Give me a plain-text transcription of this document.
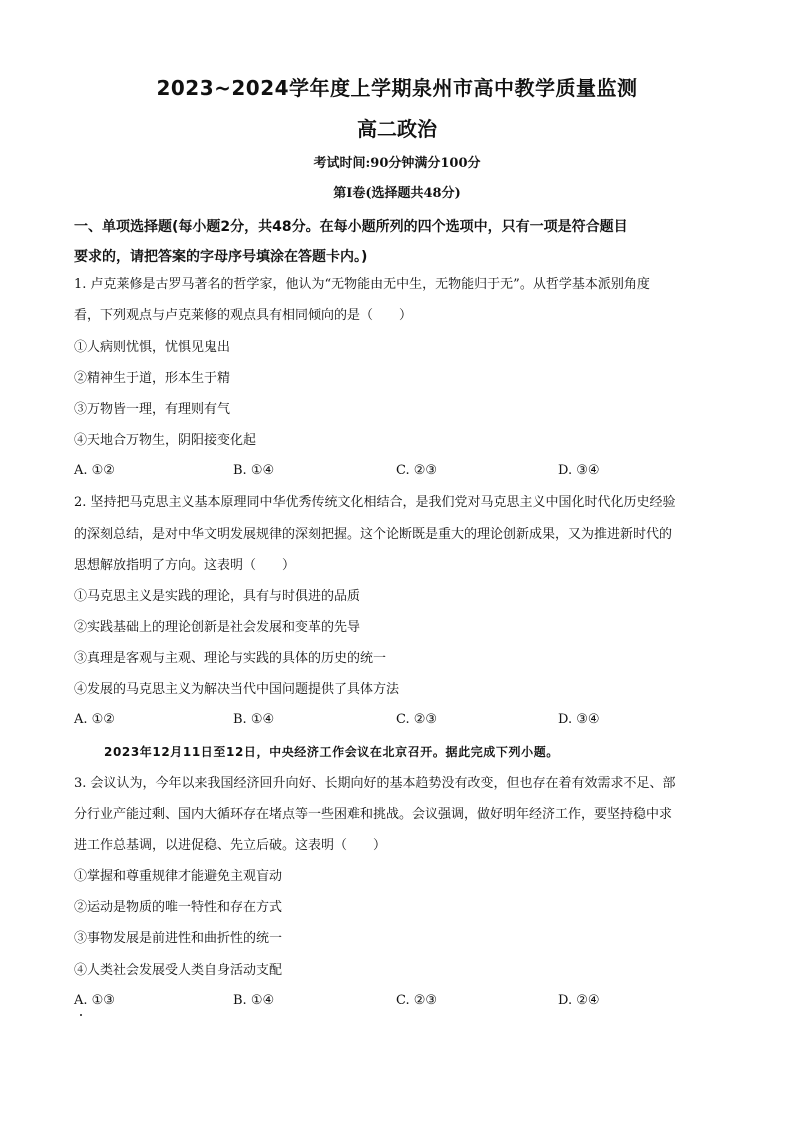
2023~2024学年度上学期泉州市高中教学质量监测
高二政治
考试时间:90分钟满分100分
第Ⅰ卷(选择题共48分)
一、单项选择题(每小题2分，共48分。在每小题所列的四个选项中，只有一项是符合题目
要求的，请把答案的字母序号填涂在答题卡内。)
1. 卢克莱修是古罗马著名的哲学家，他认为“无物能由无中生，无物能归于无”。从哲学基本派别角度
看，下列观点与卢克莱修的观点具有相同倾向的是（　　）
①人病则忧惧，忧惧见鬼出
②精神生于道，形本生于精
③万物皆一理，有理则有气
④天地合万物生，阴阳接变化起
A. ①②	B. ①④	C. ②③	D. ③④
2. 坚持把马克思主义基本原理同中华优秀传统文化相结合，是我们党对马克思主义中国化时代化历史经验
的深刻总结，是对中华文明发展规律的深刻把握。这个论断既是重大的理论创新成果，又为推进新时代的
思想解放指明了方向。这表明（　　）
①马克思主义是实践的理论，具有与时俱进的品质
②实践基础上的理论创新是社会发展和变革的先导
③真理是客观与主观、理论与实践的具体的历史的统一
④发展的马克思主义为解决当代中国问题提供了具体方法
A. ①②	B. ①④	C. ②③	D. ③④
2023年12月11日至12日，中央经济工作会议在北京召开。据此完成下列小题。
3. 会议认为，今年以来我国经济回升向好、长期向好的基本趋势没有改变，但也存在着有效需求不足、部
分行业产能过剩、国内大循环存在堵点等一些困难和挑战。会议强调，做好明年经济工作，要坚持稳中求
进工作总基调，以进促稳、先立后破。这表明（　　）
①掌握和尊重规律才能避免主观盲动
②运动是物质的唯一特性和存在方式
③事物发展是前进性和曲折性的统一
④人类社会发展受人类自身活动支配
A. ①③	B. ①④	C. ②③	D. ②④
